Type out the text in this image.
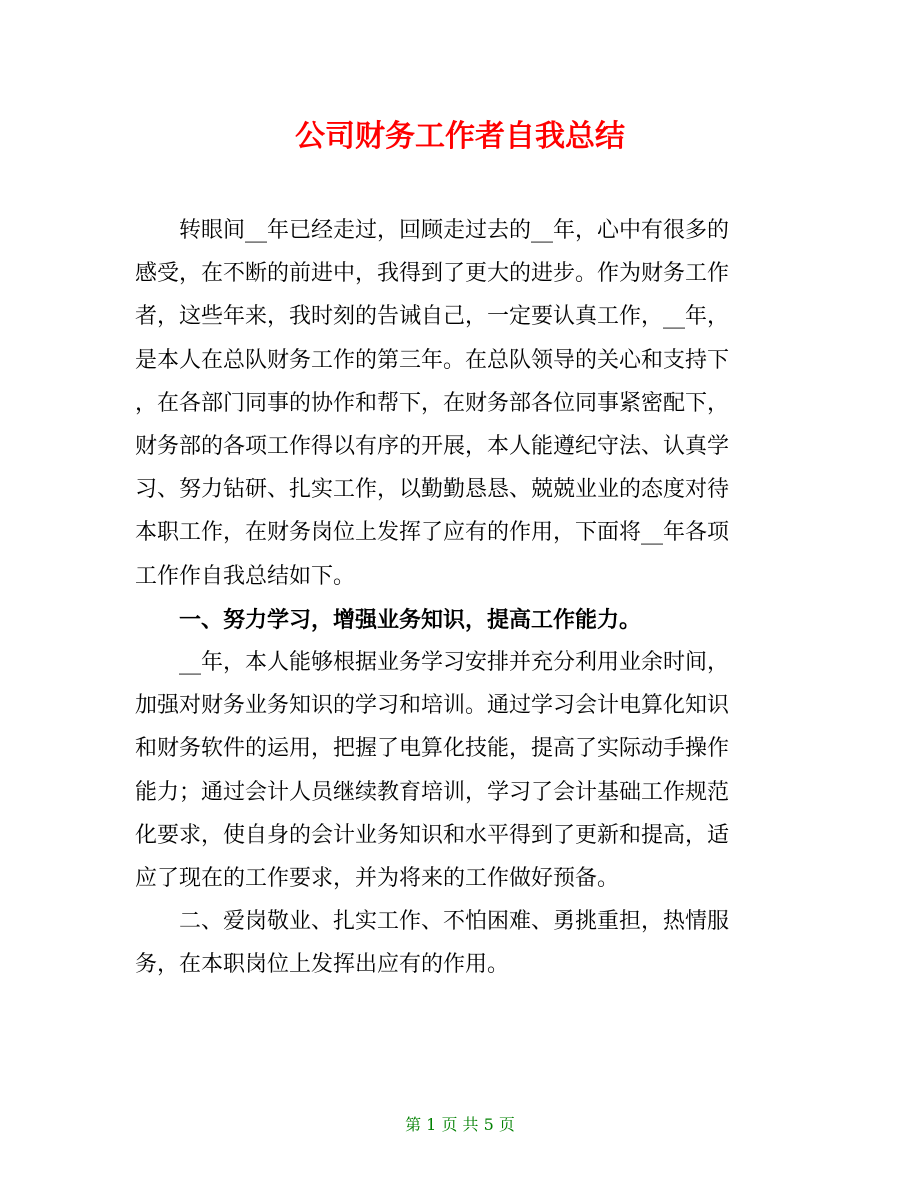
公司财务工作者自我总结
　　转眼间__年已经走过，回顾走过去的__年，心中有很多的
感受，在不断的前进中，我得到了更大的进步。作为财务工作
者，这些年来，我时刻的告诫自己，一定要认真工作，__年，
是本人在总队财务工作的第三年。在总队领导的关心和支持下
，在各部门同事的协作和帮下，在财务部各位同事紧密配下，
财务部的各项工作得以有序的开展，本人能遵纪守法、认真学
习、努力钻研、扎实工作，以勤勤恳恳、兢兢业业的态度对待
本职工作，在财务岗位上发挥了应有的作用，下面将__年各项
工作作自我总结如下。
　　一、努力学习，增强业务知识，提高工作能力。
　　__年，本人能够根据业务学习安排并充分利用业余时间，
加强对财务业务知识的学习和培训。通过学习会计电算化知识
和财务软件的运用，把握了电算化技能，提高了实际动手操作
能力；通过会计人员继续教育培训，学习了会计基础工作规范
化要求，使自身的会计业务知识和水平得到了更新和提高，适
应了现在的工作要求，并为将来的工作做好预备。
　　二、爱岗敬业、扎实工作、不怕困难、勇挑重担，热情服
务，在本职岗位上发挥出应有的作用。
第 1 页 共 5 页
